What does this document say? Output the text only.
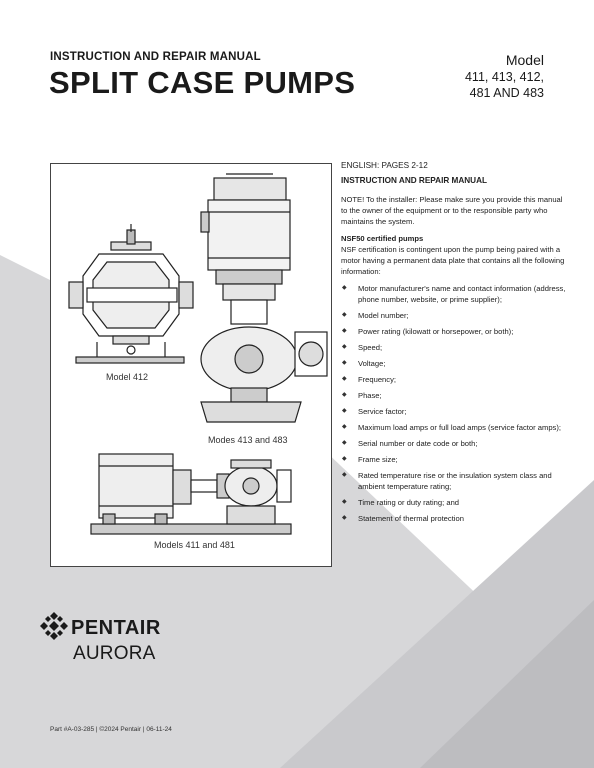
INSTRUCTION AND REPAIR MANUAL
SPLIT CASE PUMPS
Model
411, 413, 412,
481 AND 483
Model 412
Modes 413 and 483
Models 411 and 481

ENGLISH: PAGES 2-12

INSTRUCTION AND REPAIR MANUAL

NOTE! To the installer: Please make sure you provide this manual to the owner of the equipment or to the responsible party who maintains the system.

NSF50 certified pumps

NSF certification is contingent upon the pump being paired with a motor having a permanent data plate that contains all the following information:

◆ Motor manufacturer's name and contact information (address, phone number, website, or prime supplier);
◆ Model number;
◆ Power rating (kilowatt or horsepower, or both);
◆ Speed;
◆ Voltage;
◆ Frequency;
◆ Phase;
◆ Service factor;
◆ Maximum load amps or full load amps (service factor amps);
◆ Serial number or date code or both;
◆ Frame size;
◆ Rated temperature rise or the insulation system class and ambient temperature rating;
◆ Time rating or duty rating; and
◆ Statement of thermal protection
PENTAIR
AURORA
Part #A-03-285 | ©2024 Pentair | 06-11-24
